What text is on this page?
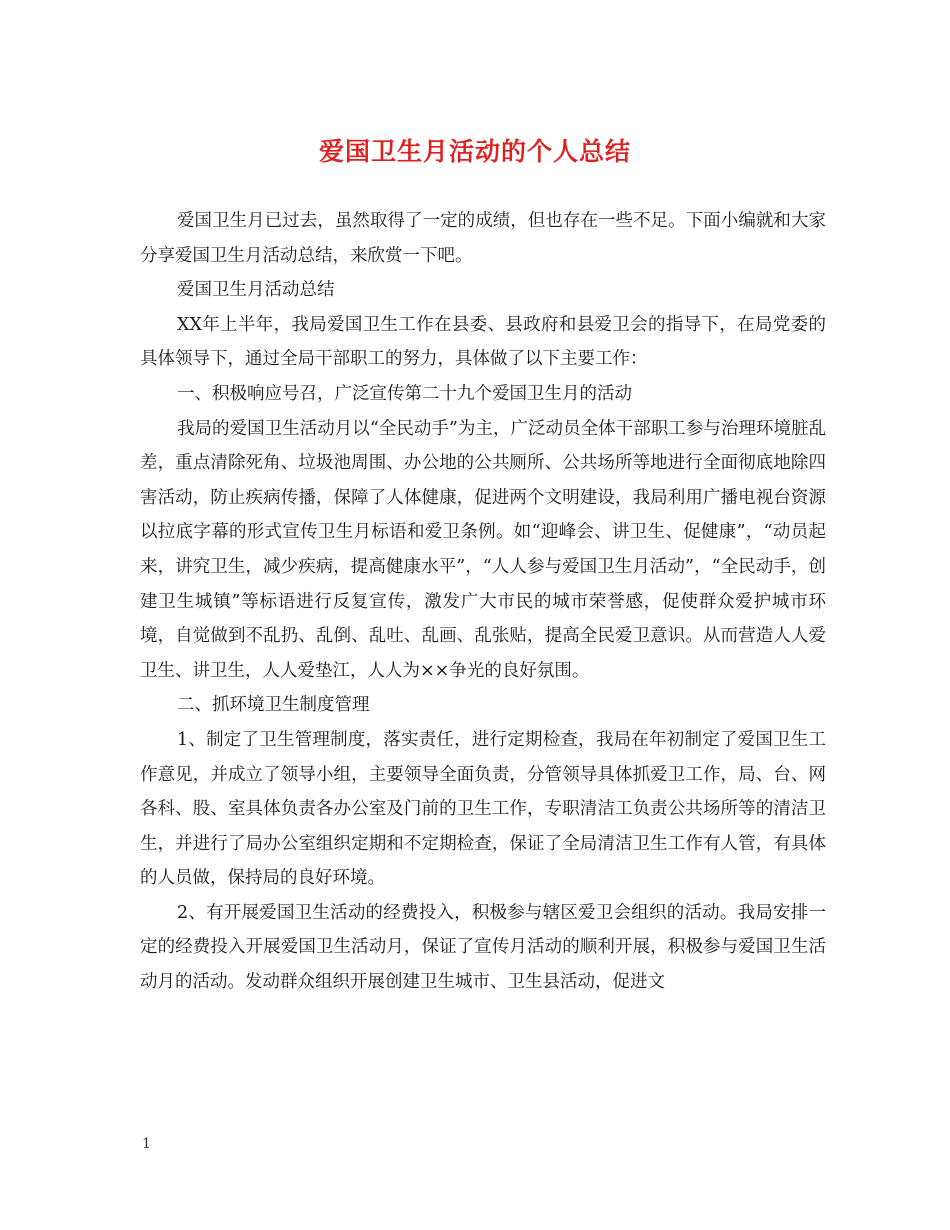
爱国卫生月活动的个人总结

爱国卫生月已过去，虽然取得了一定的成绩，但也存在一些不足。下面小编就和大家分享爱国卫生月活动总结，来欣赏一下吧。

爱国卫生月活动总结

XX年上半年，我局爱国卫生工作在县委、县政府和县爱卫会的指导下，在局党委的具体领导下，通过全局干部职工的努力，具体做了以下主要工作：

一、积极响应号召，广泛宣传第二十九个爱国卫生月的活动

我局的爱国卫生活动月以“全民动手”为主，广泛动员全体干部职工参与治理环境脏乱差，重点清除死角、垃圾池周围、办公地的公共厕所、公共场所等地进行全面彻底地除四害活动，防止疾病传播，保障了人体健康，促进两个文明建设，我局利用广播电视台资源以拉底字幕的形式宣传卫生月标语和爱卫条例。如“迎峰会、讲卫生、促健康”，“动员起来，讲究卫生，减少疾病，提高健康水平”，“人人参与爱国卫生月活动”，“全民动手，创建卫生城镇”等标语进行反复宣传，激发广大市民的城市荣誉感，促使群众爱护城市环境，自觉做到不乱扔、乱倒、乱吐、乱画、乱张贴，提高全民爱卫意识。从而营造人人爱卫生、讲卫生，人人爱垫江，人人为××争光的良好氛围。

二、抓环境卫生制度管理

1、制定了卫生管理制度，落实责任，进行定期检查，我局在年初制定了爱国卫生工作意见，并成立了领导小组，主要领导全面负责，分管领导具体抓爱卫工作，局、台、网各科、股、室具体负责各办公室及门前的卫生工作，专职清洁工负责公共场所等的清洁卫生，并进行了局办公室组织定期和不定期检查，保证了全局清洁卫生工作有人管，有具体的人员做，保持局的良好环境。

2、有开展爱国卫生活动的经费投入，积极参与辖区爱卫会组织的活动。我局安排一定的经费投入开展爱国卫生活动月，保证了宣传月活动的顺利开展，积极参与爱国卫生活动月的活动。发动群众组织开展创建卫生城市、卫生县活动，促进文

1
